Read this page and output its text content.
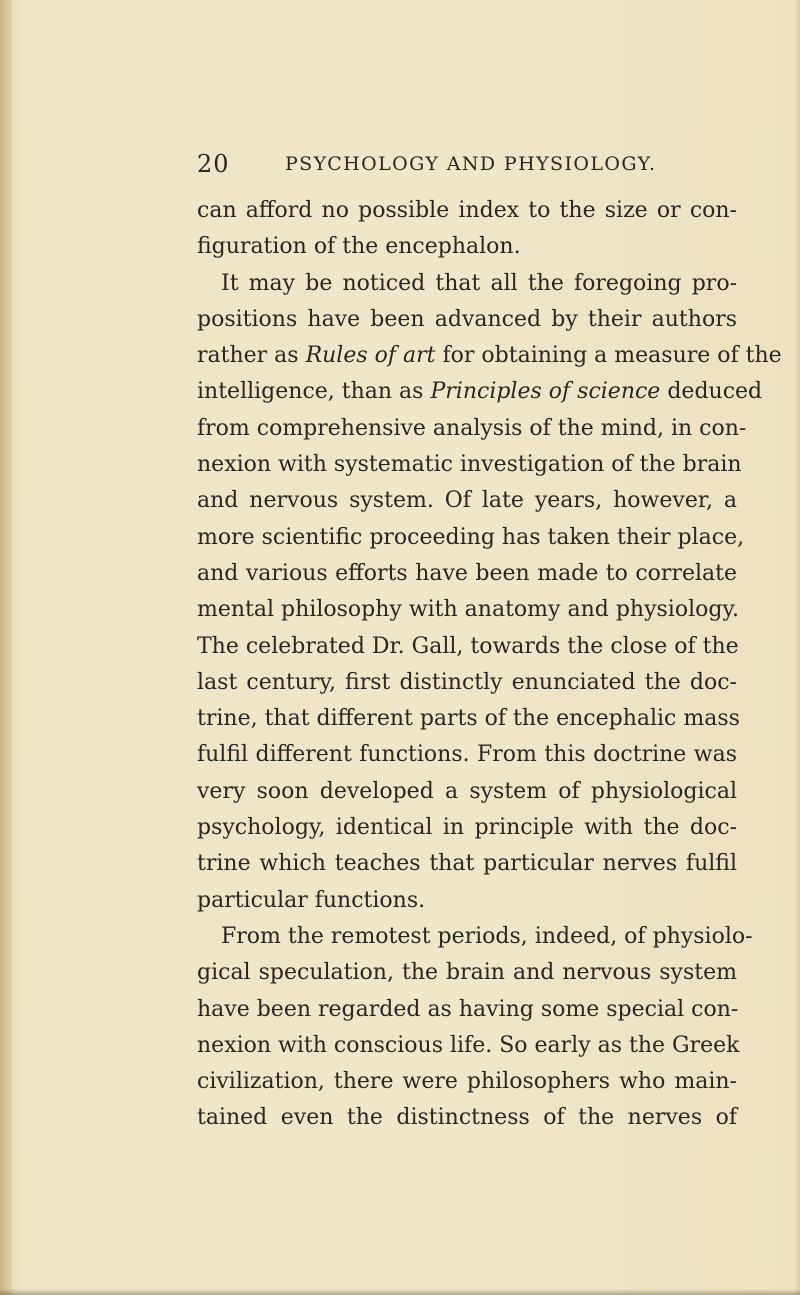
20	PSYCHOLOGY AND PHYSIOLOGY.
can afford no possible index to the size or con-
figuration of the encephalon.
It may be noticed that all the foregoing pro-
positions have been advanced by their authors
rather as Rules of art for obtaining a measure of the
intelligence, than as Principles of science deduced
from comprehensive analysis of the mind, in con-
nexion with systematic investigation of the brain
and nervous system. Of late years, however, a
more scientific proceeding has taken their place,
and various efforts have been made to correlate
mental philosophy with anatomy and physiology.
The celebrated Dr. Gall, towards the close of the
last century, first distinctly enunciated the doc-
trine, that different parts of the encephalic mass
fulfil different functions. From this doctrine was
very soon developed a system of physiological
psychology, identical in principle with the doc-
trine which teaches that particular nerves fulfil
particular functions.
From the remotest periods, indeed, of physiolo-
gical speculation, the brain and nervous system
have been regarded as having some special con-
nexion with conscious life. So early as the Greek
civilization, there were philosophers who main-
tained even the distinctness of the nerves of
